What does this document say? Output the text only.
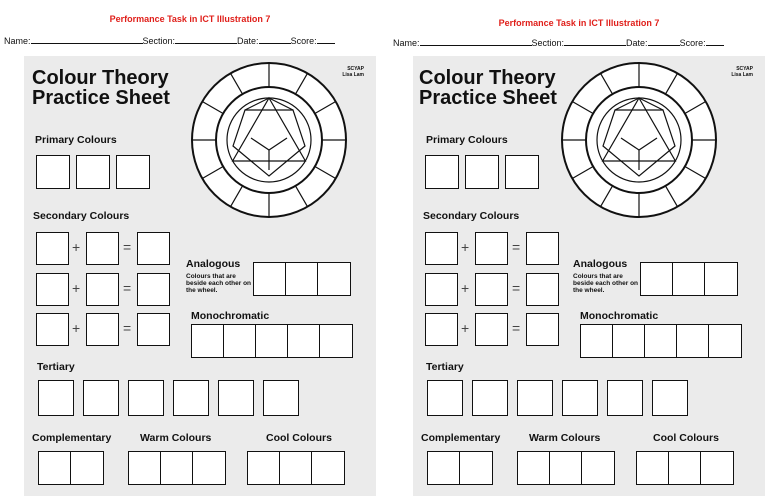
Performance Task in ICT Illustration 7
Name:	Section:	Date:	Score:
Colour Theory
Practice Sheet
SCYAP
Lisa Lam
Primary Colours
Secondary Colours
+	=
+	=
+	=
Analogous
Colours that are beside each other on the wheel.
Monochromatic
Tertiary
Complementary	Warm Colours	Cool Colours
Performance Task in ICT Illustration 7
Name:	Section:	Date:	Score:
Colour Theory
Practice Sheet
SCYAP
Lisa Lam
Primary Colours
Secondary Colours
+	=
+	=
+	=
Analogous
Colours that are beside each other on the wheel.
Monochromatic
Tertiary
Complementary	Warm Colours	Cool Colours
